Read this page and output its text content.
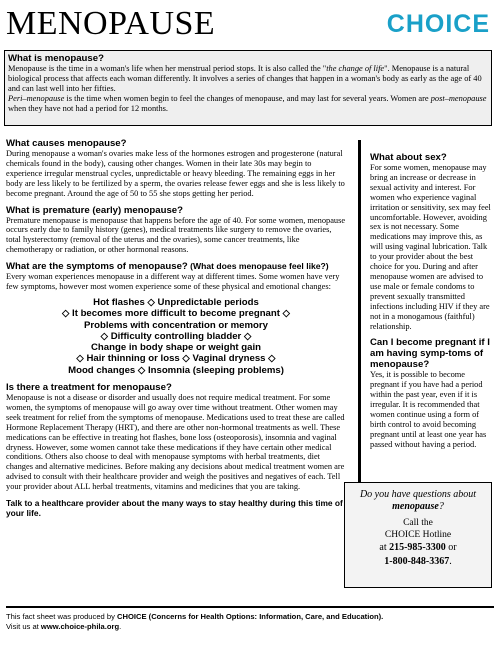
MENOPAUSE	CHOICE
What is menopause?

Menopause is the time in a woman's life when her menstrual period stops. It is also called the "the change of life". Menopause is a natural biological process that affects each woman differently. It involves a series of changes that happen in a woman's body as early as the age of 40 and can last well into her fifties.
Peri–menopause is the time when women begin to feel the changes of menopause, and may last for several years. Women are post–menopause when they have not had a period for 12 months.

What causes menopause?

During menopause a woman's ovaries make less of the hormones estrogen and progesterone (natural chemicals found in the body), causing other changes. Women in their late 30s may begin to experience irregular menstrual cycles, unpredictable or heavy bleeding. The remaining eggs in her body are less likely to be fertilized by a sperm, the ovaries release fewer eggs and she is less likely to become pregnant. Around the age of 50 to 55 she stops getting her period.

What is premature (early) menopause?

Premature menopause is menopause that happens before the age of 40. For some women, menopause occurs early due to family history (genes), medical treatments like surgery to remove the ovaries, total hysterectomy (removal of the uterus and the ovaries), some cancer treatments, like chemotherapy or radiation, or other hormonal reasons.

What are the symptoms of menopause? (What does menopause feel like?)

Every woman experiences menopause in a different way at different times. Some women have very few symptoms, however most women experience some of these physical and emotional changes:

Hot flashes ◇ Unpredictable periods
◇ It becomes more difficult to become pregnant ◇
Problems with concentration or memory
◇ Difficulty controlling bladder ◇
Change in body shape or weight gain
◇ Hair thinning or loss ◇ Vaginal dryness ◇
Mood changes ◇ Insomnia (sleeping problems)
Is there a treatment for menopause?

Menopause is not a disease or disorder and usually does not require medical treatment. For some women, the symptoms of menopause will go away over time without treatment. Other women may seek treatment for relief from the symptoms of menopause. Medications used to treat these are called Hormone Replacement Therapy (HRT), and there are other non-hormonal treatments as well. These medications can be effective in treating hot flashes, bone loss (osteoporosis), insomnia and vaginal dryness. However, some women cannot take these medications if they have certain other medical conditions. Others also choose to deal with menopause symptoms with herbal treatments, diet changes and alternative medicines. Before making any decisions about medical treatment women are advised to consult with their healthcare provider and weigh the positives and negatives of each. Tell your provider about ALL herbal treatments, vitamins and medicines that you are taking.

Talk to a healthcare provider about the many ways to stay healthy during this time of your life.
What about sex?

For some women, menopause may bring an increase or decrease in sexual activity and interest. For women who experience vaginal irritation or sensitivity, sex may feel uncomfortable. However, avoiding sex is not necessary. Some medications may improve this, as will using vaginal lubrication. Talk to your provider about the best choice for you. During and after menopause women are advised to use male or female condoms to prevent sexually transmitted infections including HIV if they are not in a monogamous (faithful) relationship.

Can I become pregnant if I am having symp-toms of menopause?

Yes, it is possible to become pregnant if you have had a period within the past year, even if it is irregular. It is recommended that women continue using a form of birth control to avoid becoming pregnant until at least one year has passed without having a period.

Do you have questions about menopause?
Call the
CHOICE Hotline
at 215-985-3300 or
1-800-848-3367.
This fact sheet was produced by CHOICE (Concerns for Health Options: Information, Care, and Education).
Visit us at www.choice-phila.org.
